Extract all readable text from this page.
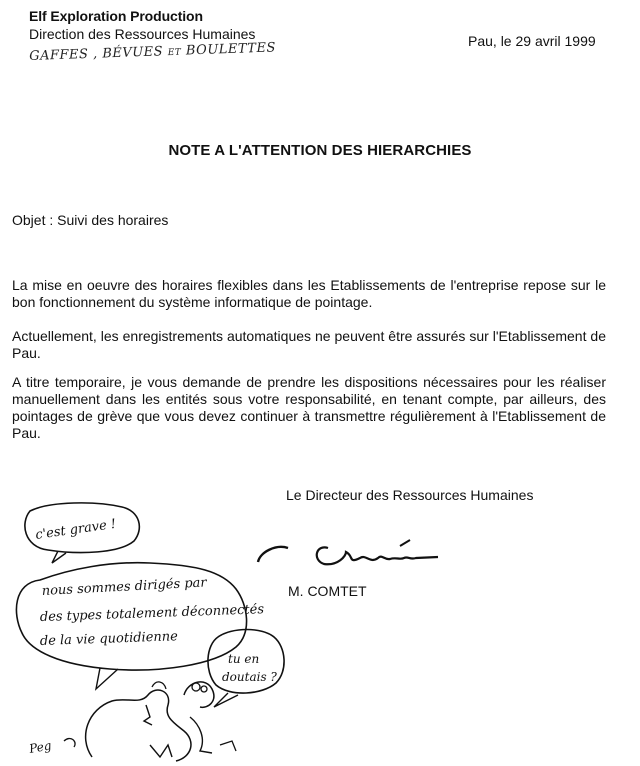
Elf Exploration Production
Direction des Ressources Humaines	Pau, le 29 avril 1999
GAFFES , BÉVUES et BOULETTES
NOTE A L'ATTENTION DES HIERARCHIES
Objet : Suivi des horaires
La mise en oeuvre des horaires flexibles dans les Etablissements de l'entreprise repose sur le bon fonctionnement du système informatique de pointage.
Actuellement, les enregistrements automatiques ne peuvent être assurés sur l'Etablissement de Pau.
A titre temporaire, je vous demande de prendre les dispositions nécessaires pour les réaliser manuellement dans les entités sous votre responsabilité, en tenant compte, par ailleurs, des pointages de grève que vous devez continuer à transmettre régulièrement à l'Etablissement de Pau.
Le Directeur des Ressources Humaines
M. COMTET
c'est grave !
nous sommes dirigés par
des types totalement déconnectés
de la vie quotidienne
tu en
doutais ?
Peg
